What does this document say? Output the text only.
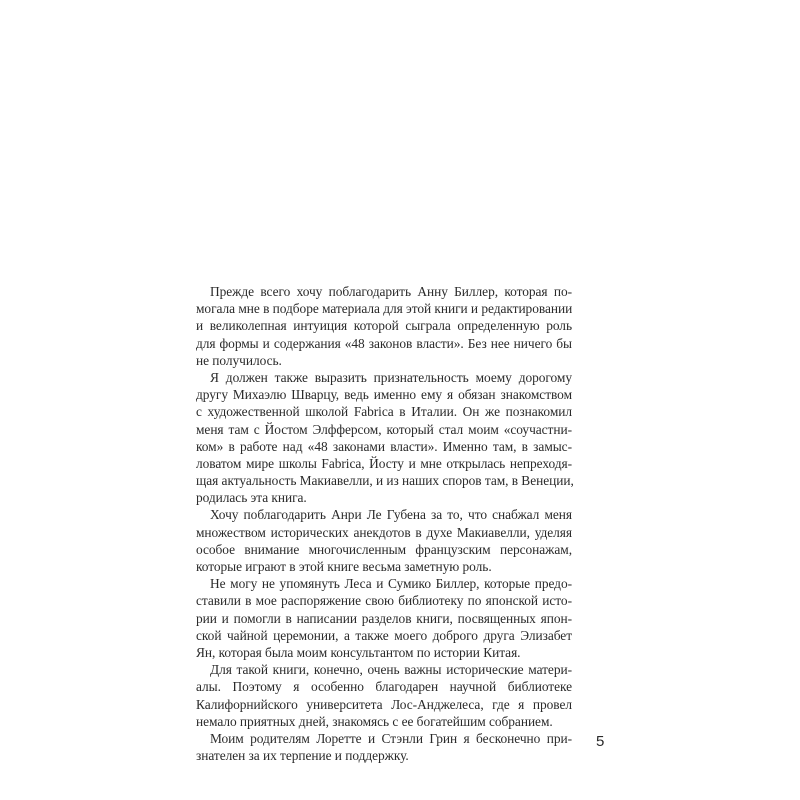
Прежде всего хочу поблагодарить Анну Биллер, которая по-
могала мне в подборе материала для этой книги и редактировании
и великолепная интуиция которой сыграла определенную роль
для формы и содержания «48 законов власти». Без нее ничего бы
не получилось.
Я должен также выразить признательность моему дорогому
другу Михаэлю Шварцу, ведь именно ему я обязан знакомством
с художественной школой Fabrica в Италии. Он же познакомил
меня там с Йостом Элфферсом, который стал моим «соучастни-
ком» в работе над «48 законами власти». Именно там, в замыс-
ловатом мире школы Fabrica, Йосту и мне открылась непреходя-
щая актуальность Макиавелли, и из наших споров там, в Венеции,
родилась эта книга.
Хочу поблагодарить Анри Ле Губена за то, что снабжал меня
множеством исторических анекдотов в духе Макиавелли, уделяя
особое внимание многочисленным французским персонажам,
которые играют в этой книге весьма заметную роль.
Не могу не упомянуть Леса и Сумико Биллер, которые предо-
ставили в мое распоряжение свою библиотеку по японской исто-
рии и помогли в написании разделов книги, посвященных япон-
ской чайной церемонии, а также моего доброго друга Элизабет
Ян, которая была моим консультантом по истории Китая.
Для такой книги, конечно, очень важны исторические матери-
алы. Поэтому я особенно благодарен научной библиотеке
Калифорнийского университета Лос-Анджелеса, где я провел
немало приятных дней, знакомясь с ее богатейшим собранием.
Моим родителям Лоретте и Стэнли Грин я бесконечно при-
знателен за их терпение и поддержку.
5
